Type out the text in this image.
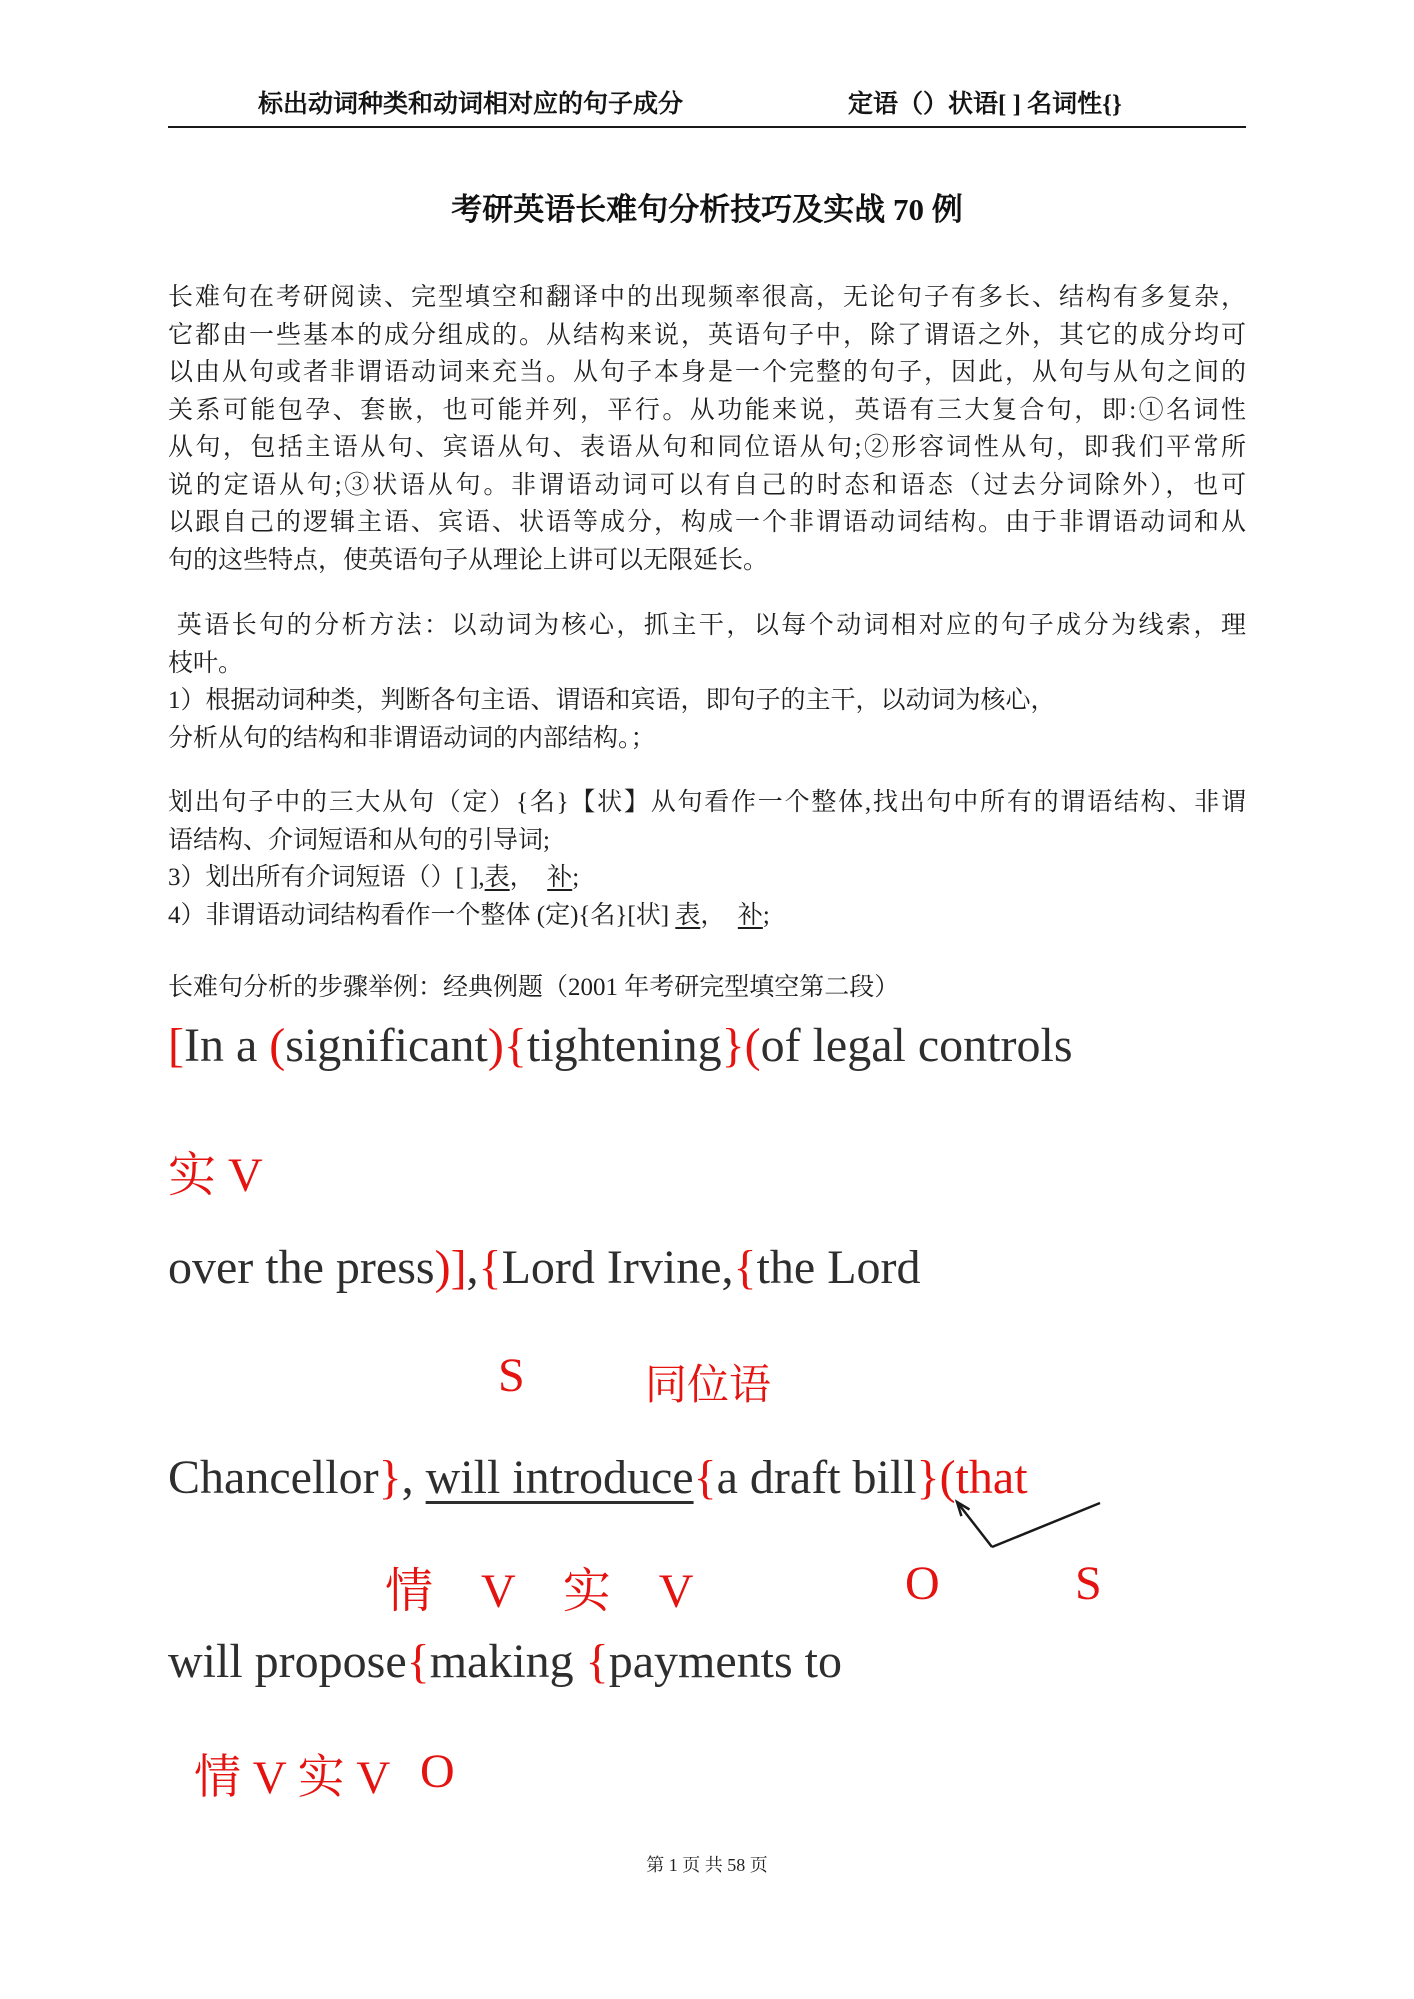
标出动词种类和动词相对应的句子成分	定语（）状语[ ] 名词性{}
考研英语长难句分析技巧及实战 70 例
长难句在考研阅读、完型填空和翻译中的出现频率很高，无论句子有多长、结构有多复杂，
它都由一些基本的成分组成的。从结构来说，英语句子中，除了谓语之外，其它的成分均可
以由从句或者非谓语动词来充当。从句子本身是一个完整的句子，因此，从句与从句之间的
关系可能包孕、套嵌，也可能并列，平行。从功能来说，英语有三大复合句，即:①名词性
从句，包括主语从句、宾语从句、表语从句和同位语从句;②形容词性从句，即我们平常所
说的定语从句;③状语从句。非谓语动词可以有自己的时态和语态（过去分词除外），也可
以跟自己的逻辑主语、宾语、状语等成分，构成一个非谓语动词结构。由于非谓语动词和从
句的这些特点，使英语句子从理论上讲可以无限延长。
英语长句的分析方法：以动词为核心，抓主干，以每个动词相对应的句子成分为线索，理
枝叶。
1）根据动词种类，判断各句主语、谓语和宾语，即句子的主干，以动词为核心，
分析从句的结构和非谓语动词的内部结构。；
划出句子中的三大从句（定）{名}【状】从句看作一个整体,找出句中所有的谓语结构、非谓
语结构、介词短语和从句的引导词;
3）划出所有介词短语（）[ ],表，  补;
4）非谓语动词结构看作一个整体 (定){名}[状] 表，  补;
长难句分析的步骤举例：经典例题（2001 年考研完型填空第二段）
[In a (significant){tightening}(of legal controls
实 V
over the press)],{Lord Irvine,{the Lord
S	同位语
Chancellor}, will introduce{a draft bill}(that
情　V　实　V	O	S
will propose{making {payments to
情 V 实 V O
第 1 页 共 58 页
